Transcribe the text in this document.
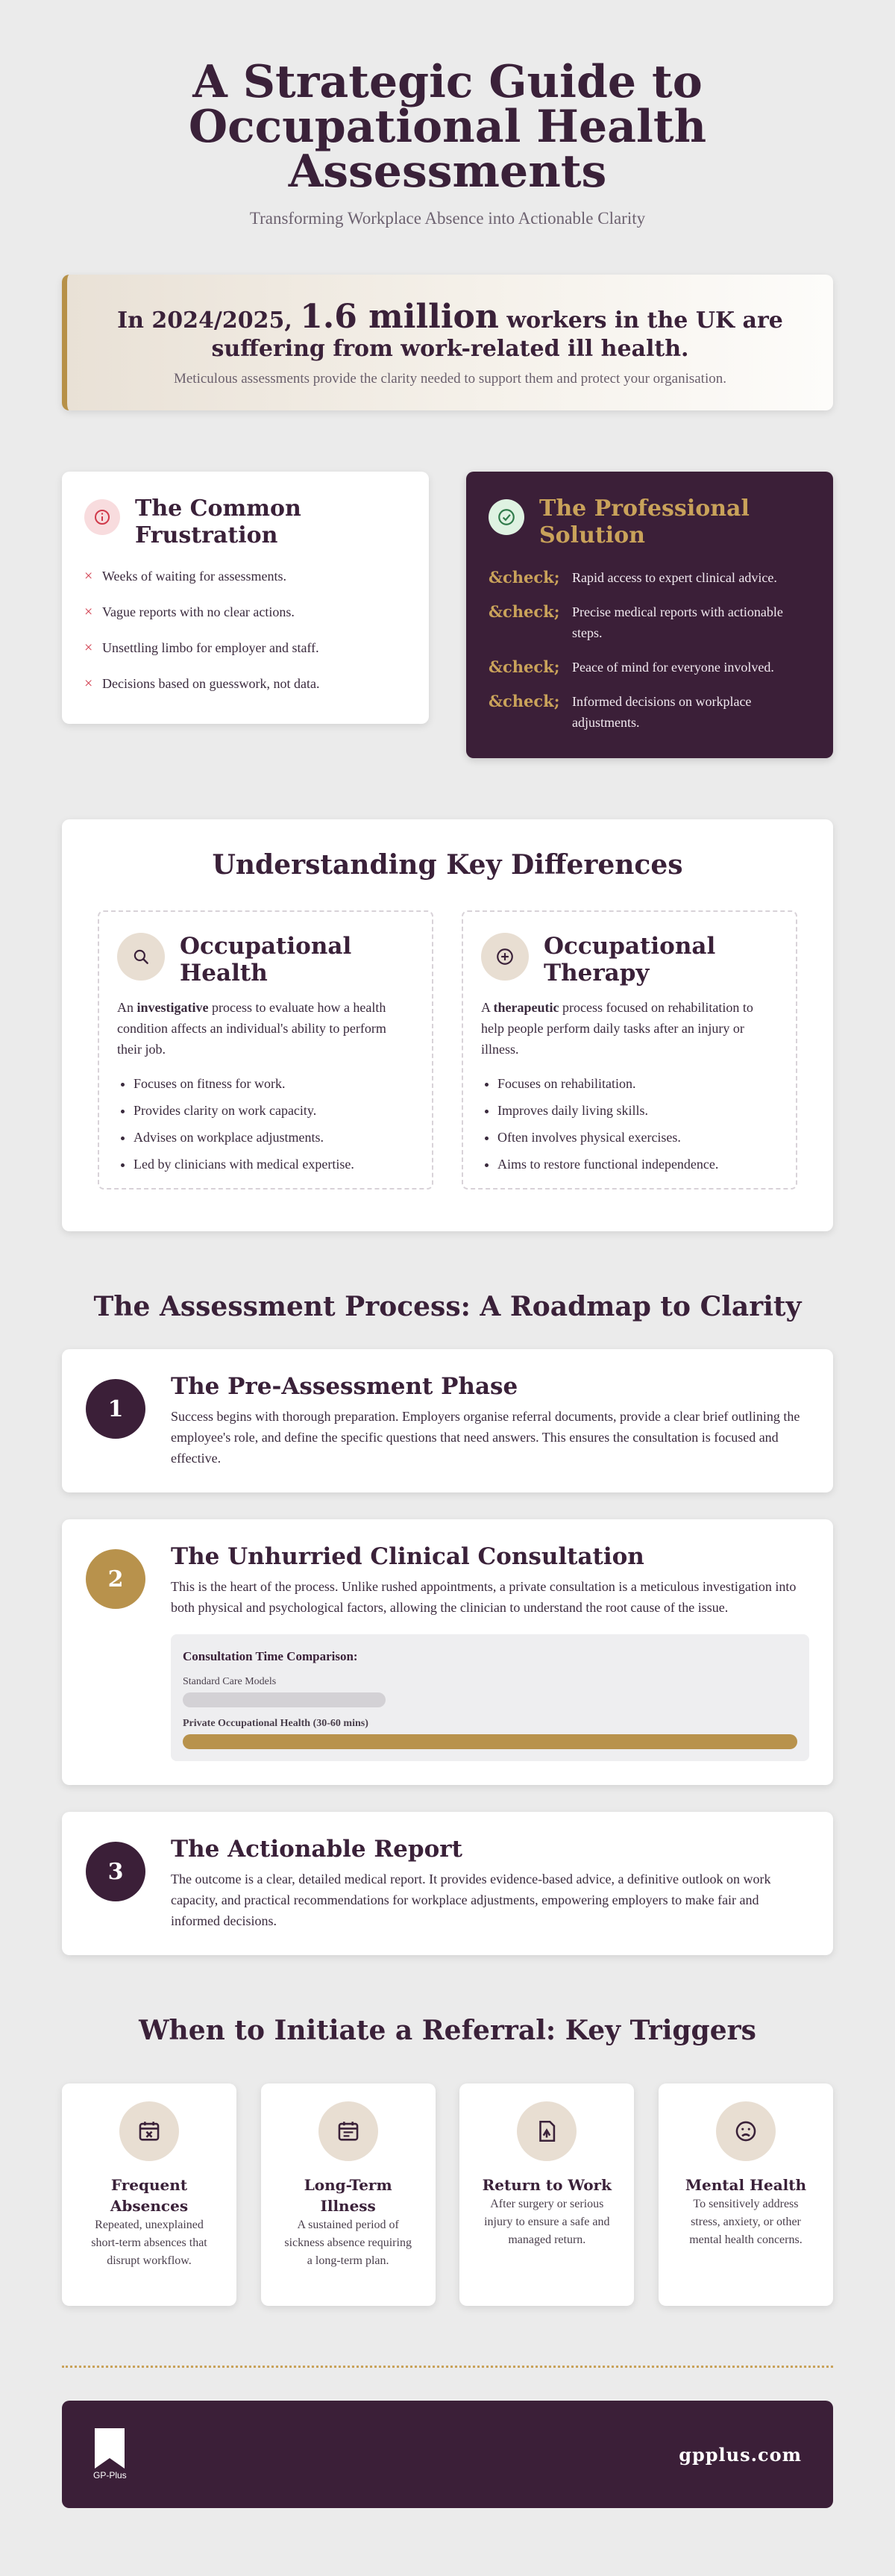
A Strategic Guide to Occupational Health Assessments

Transforming Workplace Absence into Actionable Clarity

In 2024/2025, 1.6 million workers in the UK are suffering from work-related ill health.

Meticulous assessments provide the clarity needed to support them and protect your organisation.

The Common Frustration
× Weeks of waiting for assessments.
× Vague reports with no clear actions.
× Unsettling limbo for employer and staff.
× Decisions based on guesswork, not data.
The Professional Solution
&check; Rapid access to expert clinical advice.
&check; Precise medical reports with actionable steps.
&check; Peace of mind for everyone involved.
&check; Informed decisions on workplace adjustments.
Understanding Key Differences
Occupational Health

An investigative process to evaluate how a health condition affects an individual's ability to perform their job.

• Focuses on fitness for work.
• Provides clarity on work capacity.
• Advises on workplace adjustments.
• Led by clinicians with medical expertise.
Occupational Therapy

A therapeutic process focused on rehabilitation to help people perform daily tasks after an injury or illness.

• Focuses on rehabilitation.
• Improves daily living skills.
• Often involves physical exercises.
• Aims to restore functional independence.
The Assessment Process: A Roadmap to Clarity
1
The Pre-Assessment Phase

Success begins with thorough preparation. Employers organise referral documents, provide a clear brief outlining the employee's role, and define the specific questions that need answers. This ensures the consultation is focused and effective.

2
The Unhurried Clinical Consultation

This is the heart of the process. Unlike rushed appointments, a private consultation is a meticulous investigation into both physical and psychological factors, allowing the clinician to understand the root cause of the issue.

Consultation Time Comparison:
Standard Care Models
Private Occupational Health (30-60 mins)
3
The Actionable Report

The outcome is a clear, detailed medical report. It provides evidence-based advice, a definitive outlook on work capacity, and practical recommendations for workplace adjustments, empowering employers to make fair and informed decisions.

When to Initiate a Referral: Key Triggers
Frequent Absences
Repeated, unexplained short-term absences that disrupt workflow.
Long-Term Illness
A sustained period of sickness absence requiring a long-term plan.
Return to Work
After surgery or serious injury to ensure a safe and managed return.
Mental Health
To sensitively address stress, anxiety, or other mental health concerns.
GP-Plus
gpplus.com
